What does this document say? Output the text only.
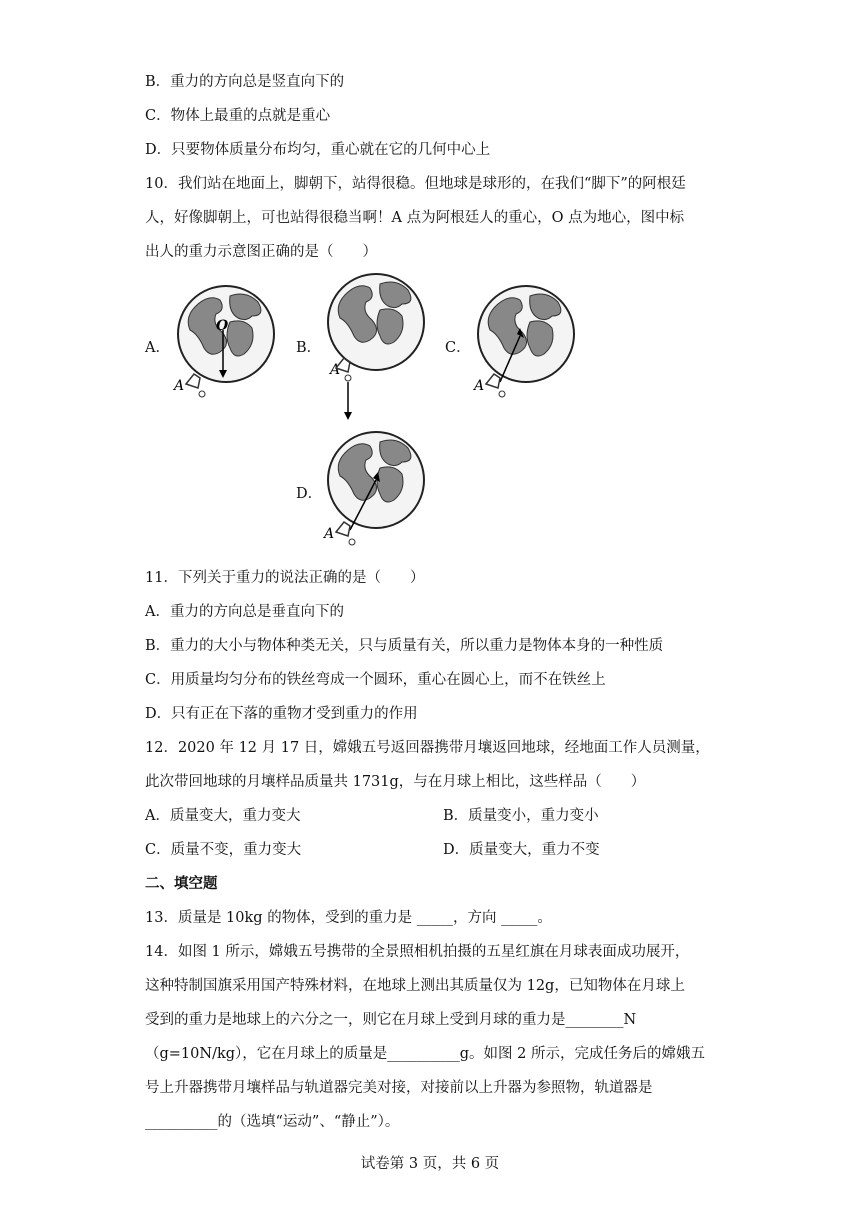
B．重力的方向总是竖直向下的
C．物体上最重的点就是重心
D．只要物体质量分布均匀，重心就在它的几何中心上
10．我们站在地面上，脚朝下，站得很稳。但地球是球形的，在我们“脚下”的阿根廷
人，好像脚朝上，可也站得很稳当啊！A 点为阿根廷人的重心，O 点为地心，图中标
出人的重力示意图正确的是（　　）
A．
O
A
B．
A
C．
A
D．
A
11．下列关于重力的说法正确的是（　　）
A．重力的方向总是垂直向下的
B．重力的大小与物体种类无关，只与质量有关，所以重力是物体本身的一种性质
C．用质量均匀分布的铁丝弯成一个圆环，重心在圆心上，而不在铁丝上
D．只有正在下落的重物才受到重力的作用
12．2020 年 12 月 17 日，嫦娥五号返回器携带月壤返回地球，经地面工作人员测量，
此次带回地球的月壤样品质量共 1731g，与在月球上相比，这些样品（　　）
A．质量变大，重力变大	B．质量变小，重力变小
C．质量不变，重力变大	D．质量变大，重力不变
二、填空题
13．质量是 10kg 的物体，受到的重力是 _____，方向 _____。
14．如图 1 所示，嫦娥五号携带的全景照相机拍摄的五星红旗在月球表面成功展开，
这种特制国旗采用国产特殊材料，在地球上测出其质量仅为 12g，已知物体在月球上
受到的重力是地球上的六分之一，则它在月球上受到月球的重力是________N
（g=10N/kg），它在月球上的质量是__________g。如图 2 所示，完成任务后的嫦娥五
号上升器携带月壤样品与轨道器完美对接，对接前以上升器为参照物，轨道器是
__________的（选填“运动”、“静止”）。
试卷第 3 页，共 6 页
